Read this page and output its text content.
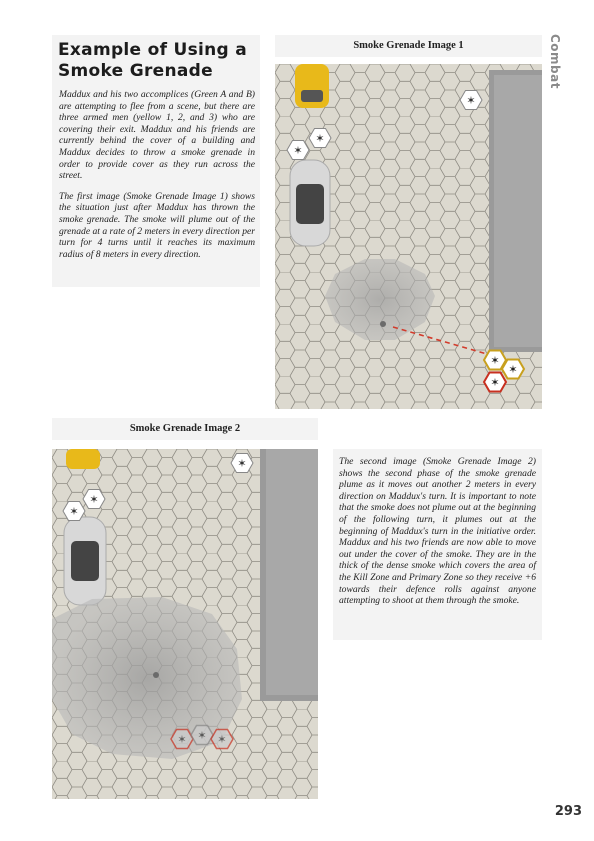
Combat
293
Example of Using a Smoke Grenade

Maddux and his two accomplices (Green A and B) are attempting to flee from a scene, but there are three armed men (yellow 1, 2, and 3) who are covering their exit. Maddux and his friends are currently behind the cover of a building and Maddux decides to throw a smoke grenade in order to provide cover as they run across the street.

The first image (Smoke Grenade Image 1) shows the situation just after Maddux has thrown the smoke grenade. The smoke will plume out of the grenade at a rate of 2 meters in every direction per turn for 4 turns until it reaches its maximum radius of 8 meters in every direction.

Smoke Grenade Image 1
✶
✶
✶
✶
✶
✶
Smoke Grenade Image 2
✶
✶
✶
✶ ✶ ✶

The second image (Smoke Grenade Image 2) shows the second phase of the smoke grenade plume as it moves out another 2 meters in every direction on Maddux's turn. It is important to note that the smoke does not plume out at the beginning of the following turn, it plumes out at the beginning of Maddux's turn in the initiative order. Maddux and his two friends are now able to move out under the cover of the smoke. They are in the thick of the dense smoke which covers the area of the Kill Zone and Primary Zone so they receive +6 towards their defence rolls against anyone attempting to shoot at them through the smoke.
